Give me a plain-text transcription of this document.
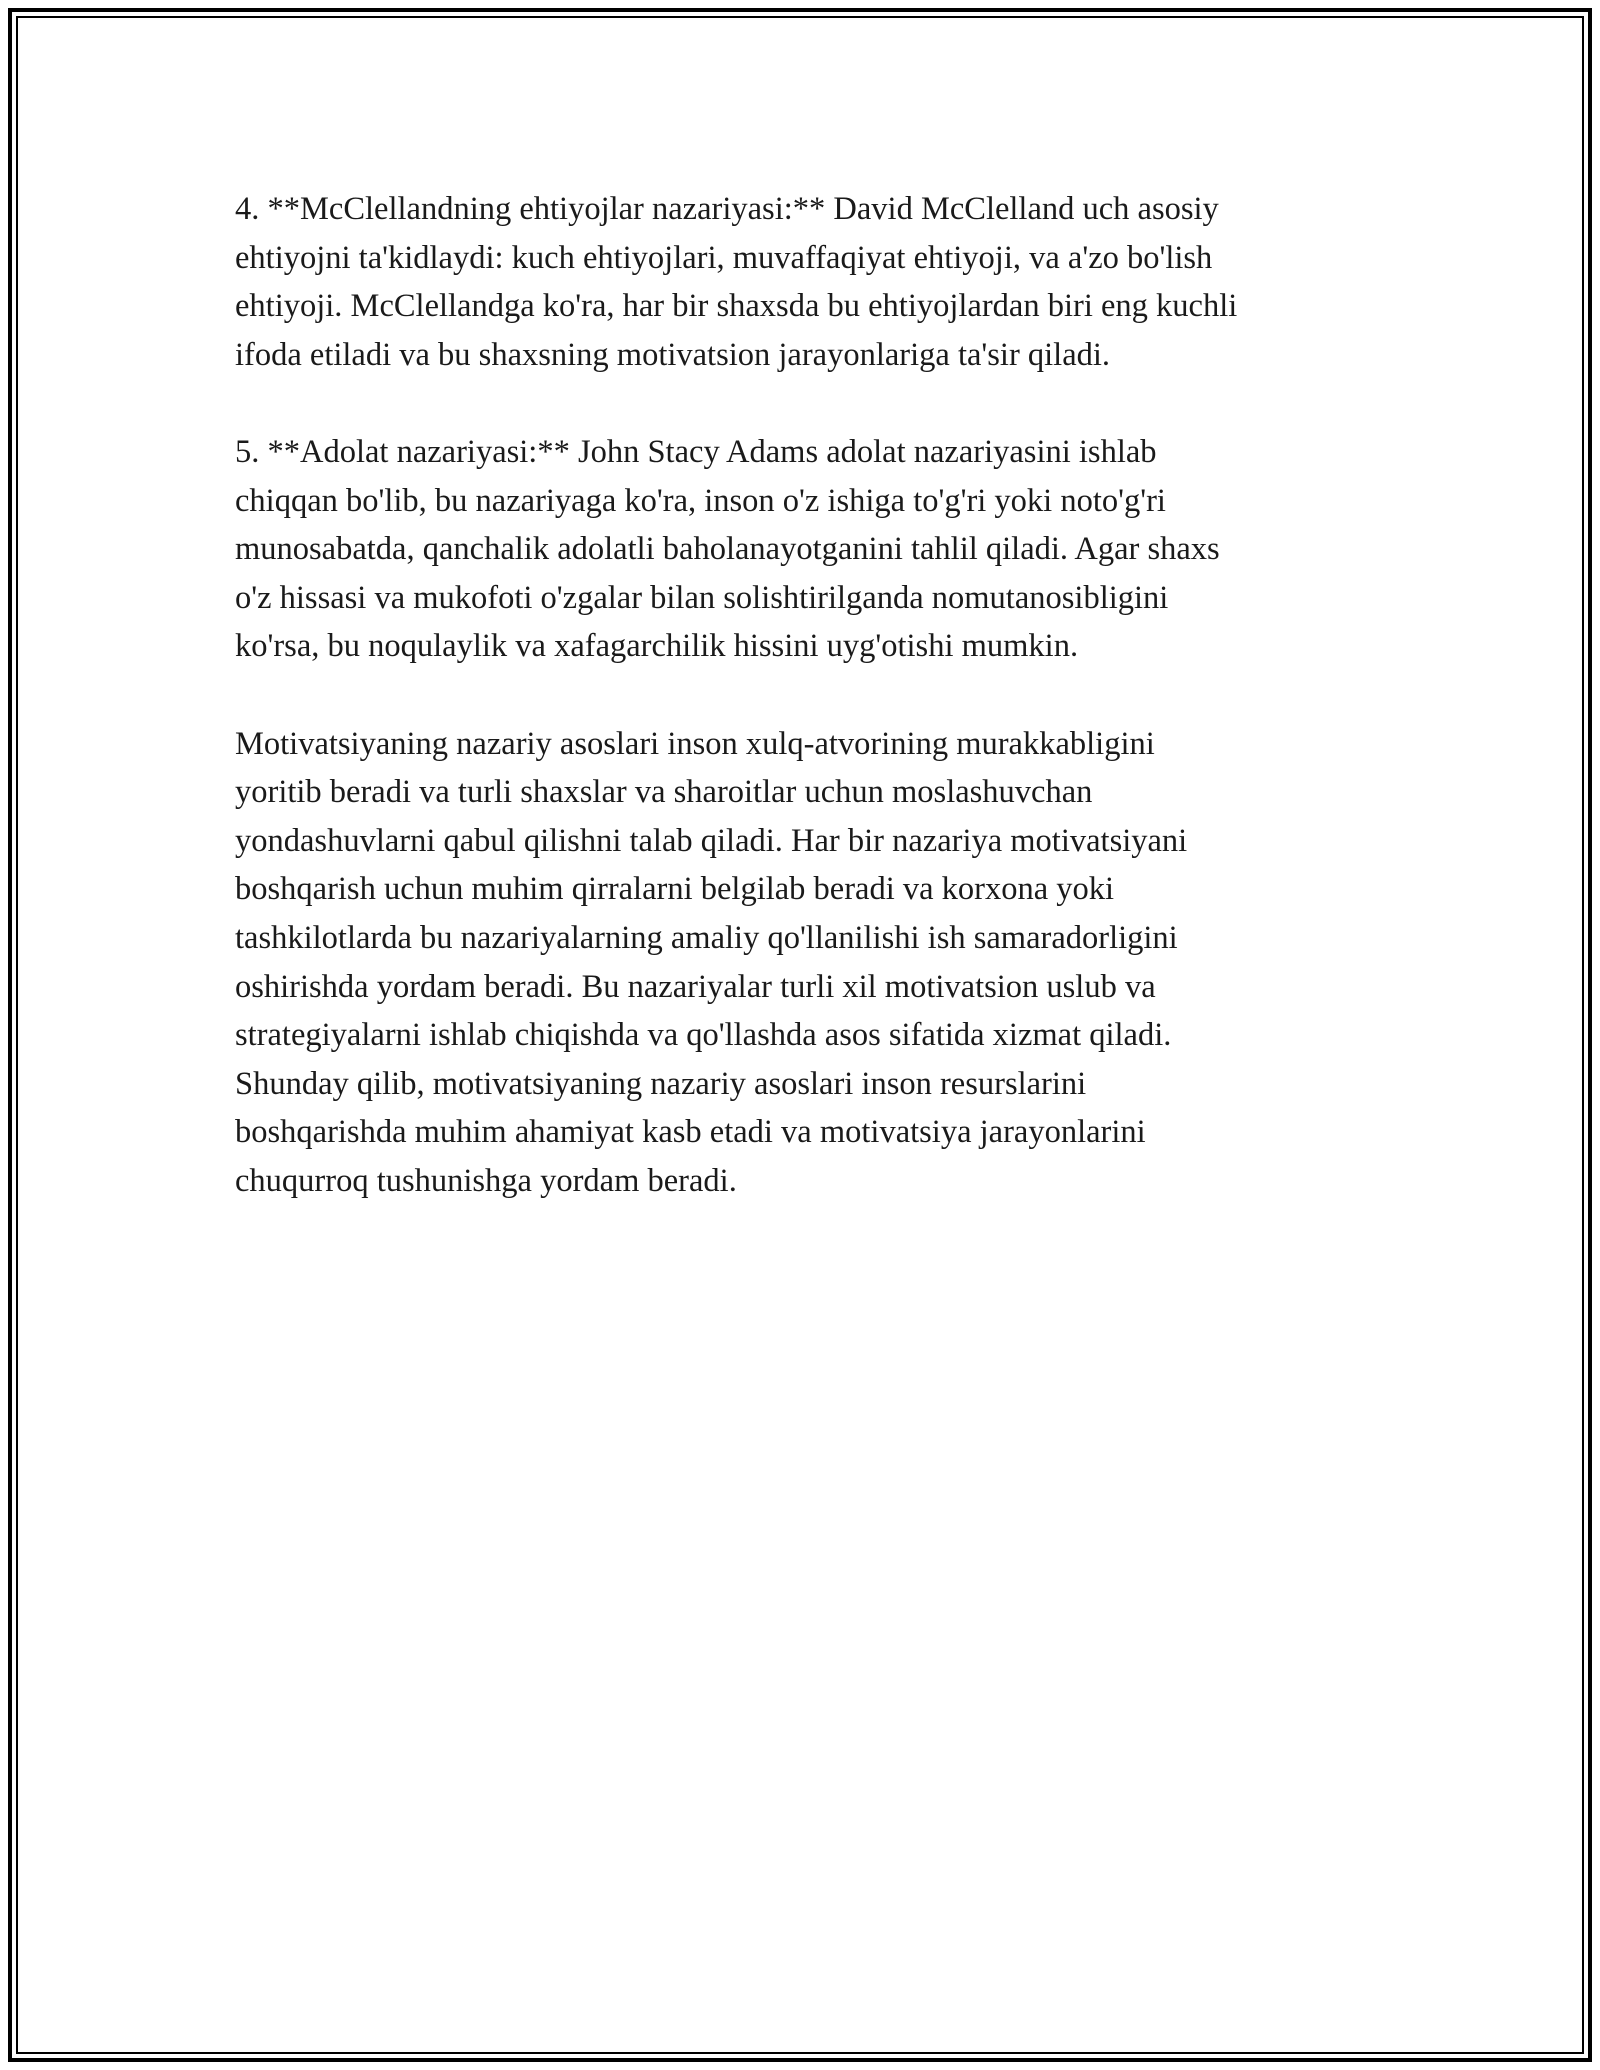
4. **McClellandning ehtiyojlar nazariyasi:** David McClelland uch asosiy
ehtiyojni ta'kidlaydi: kuch ehtiyojlari, muvaffaqiyat ehtiyoji, va a'zo bo'lish
ehtiyoji. McClellandga ko'ra, har bir shaxsda bu ehtiyojlardan biri eng kuchli
ifoda etiladi va bu shaxsning motivatsion jarayonlariga ta'sir qiladi.

5. **Adolat nazariyasi:** John Stacy Adams adolat nazariyasini ishlab
chiqqan bo'lib, bu nazariyaga ko'ra, inson o'z ishiga to'g'ri yoki noto'g'ri
munosabatda, qanchalik adolatli baholanayotganini tahlil qiladi. Agar shaxs
o'z hissasi va mukofoti o'zgalar bilan solishtirilganda nomutanosibligini
ko'rsa, bu noqulaylik va xafagarchilik hissini uyg'otishi mumkin.

Motivatsiyaning nazariy asoslari inson xulq-atvorining murakkabligini
yoritib beradi va turli shaxslar va sharoitlar uchun moslashuvchan
yondashuvlarni qabul qilishni talab qiladi. Har bir nazariya motivatsiyani
boshqarish uchun muhim qirralarni belgilab beradi va korxona yoki
tashkilotlarda bu nazariyalarning amaliy qo'llanilishi ish samaradorligini
oshirishda yordam beradi. Bu nazariyalar turli xil motivatsion uslub va
strategiyalarni ishlab chiqishda va qo'llashda asos sifatida xizmat qiladi.
Shunday qilib, motivatsiyaning nazariy asoslari inson resurslarini
boshqarishda muhim ahamiyat kasb etadi va motivatsiya jarayonlarini
chuqurroq tushunishga yordam beradi.
